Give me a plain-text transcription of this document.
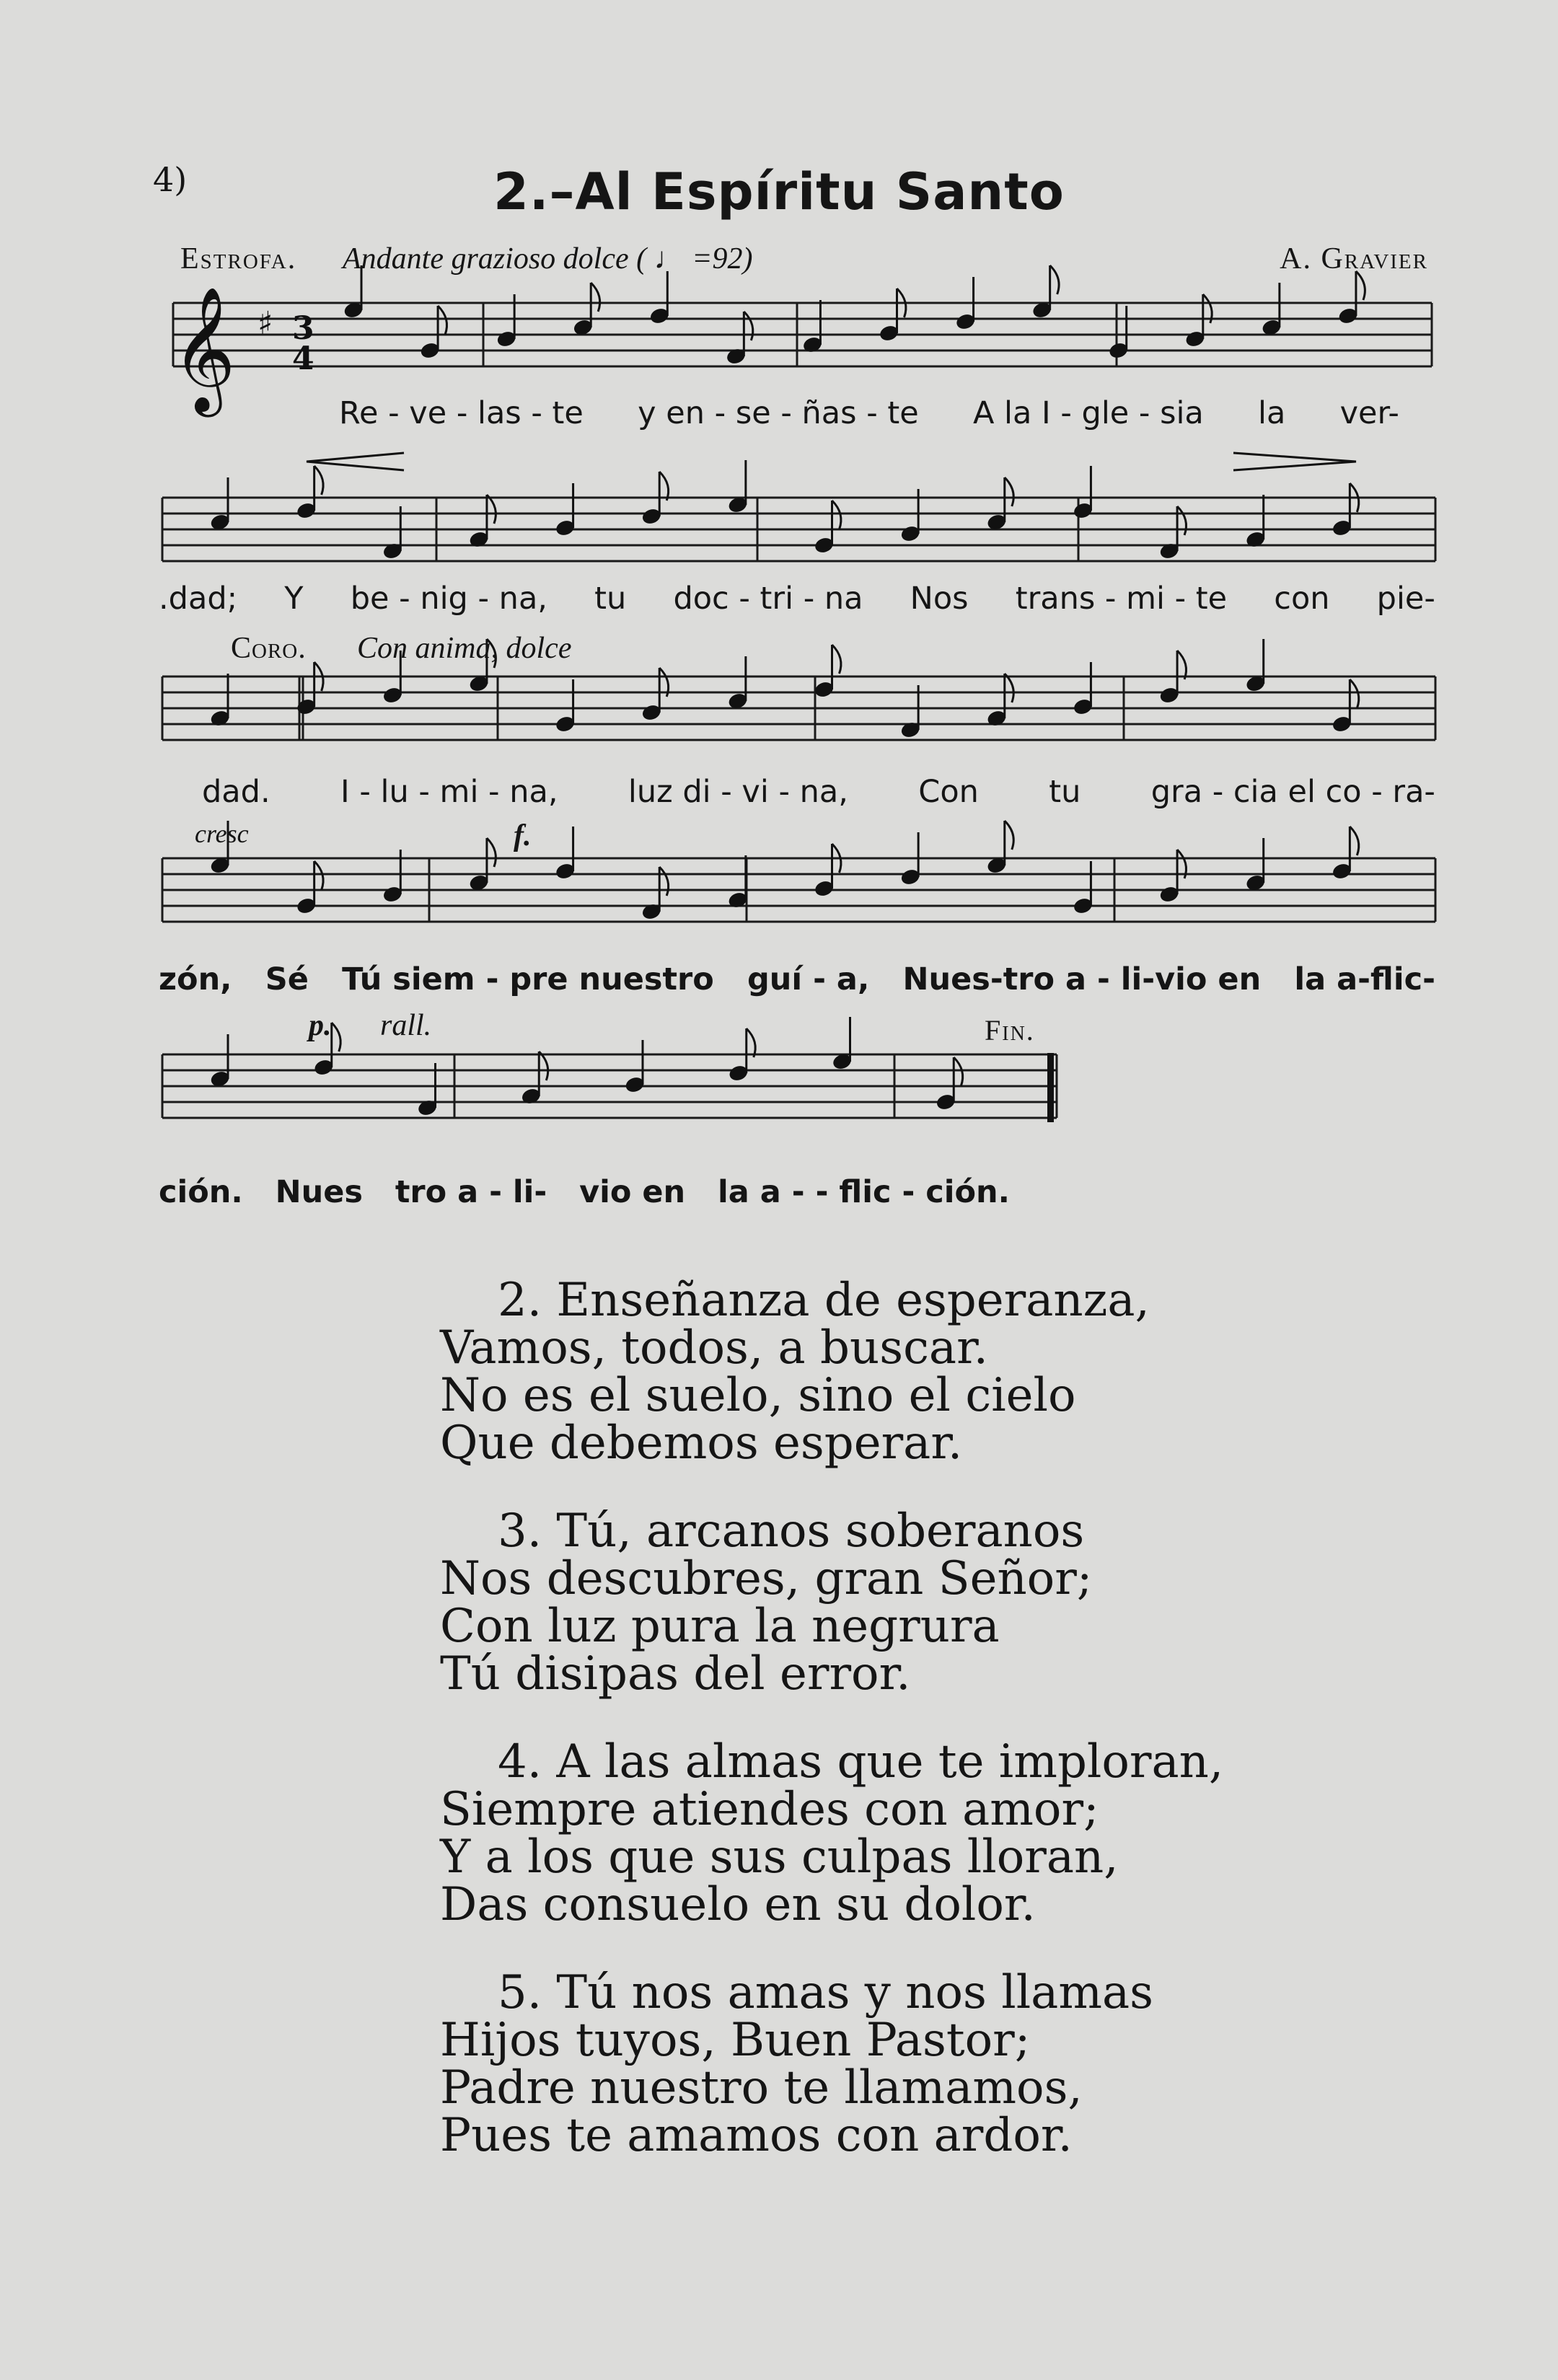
4)	2.–Al Espíritu Santo
Estrofa. Andante grazioso dolce ( ♩ =92)	A. Gravier
𝄞 ♯ 3
4
Coro. Con anima, dolce
cresc	f.
p. rall.	Fin.
Re - ve - las - te y en - se - ñas - te A la I - gle - sia la ver-
.dad; Y be - nig - na, tu doc - tri - na Nos trans - mi - te con pie-
dad. I - lu - mi - na, luz di - vi - na, Con tu gra - cia el co - ra-
zón, Sé Tú siem - pre nuestro guí - a, Nues-tro a - li-vio en la a-flic-
ción. Nues tro a - li- vio en la a - - flic - ción.
2. Enseñanza de esperanza,
Vamos, todos, a buscar.
No es el suelo, sino el cielo
Que debemos esperar.
3. Tú, arcanos soberanos
Nos descubres, gran Señor;
Con luz pura la negrura
Tú disipas del error.
4. A las almas que te imploran,
Siempre atiendes con amor;
Y a los que sus culpas lloran,
Das consuelo en su dolor.
5. Tú nos amas y nos llamas
Hijos tuyos, Buen Pastor;
Padre nuestro te llamamos,
Pues te amamos con ardor.
